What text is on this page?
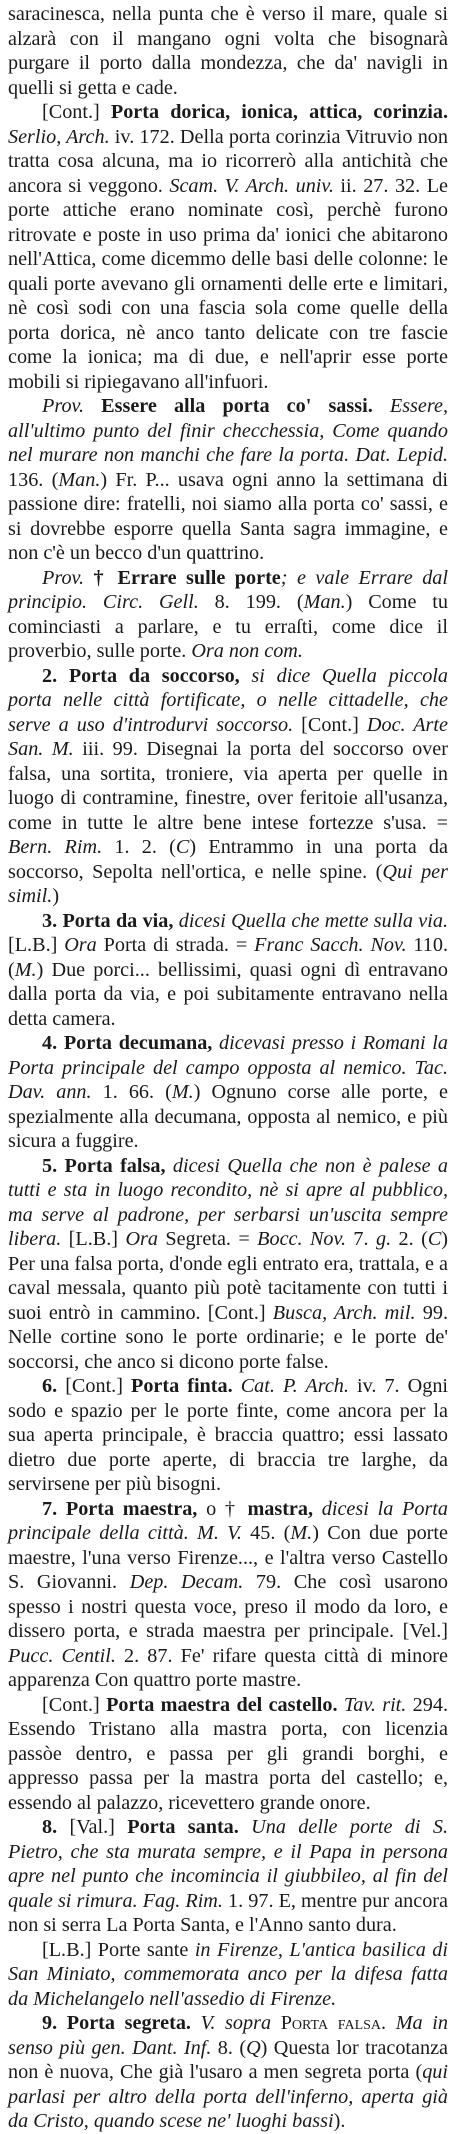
saracinesca, nella punta che è verso il mare, quale si alzarà con il mangano ogni volta che bisognarà purgare il porto dalla mondezza, che da' navigli in quelli si getta e cade.

[Cont.] Porta dorica, ionica, attica, corinzia. Serlio, Arch. iv. 172. Della porta corinzia Vitruvio non tratta cosa alcuna, ma io ricorrerò alla antichità che ancora si veggono. Scam. V. Arch. univ. ii. 27. 32. Le porte attiche erano nominate così, perchè furono ritrovate e poste in uso prima da' ionici che abitarono nell'Attica, come dicemmo delle basi delle colonne: le quali porte avevano gli ornamenti delle erte e limitari, nè così sodi con una fascia sola come quelle della porta dorica, nè anco tanto delicate con tre fascie come la ionica; ma di due, e nell'aprir esse porte mobili si ripiegavano all'infuori.

Prov. Essere alla porta co' sassi. Essere, all'ultimo punto del finir checchessia, Come quando nel murare non manchi che fare la porta. Dat. Lepid. 136. (Man.) Fr. P... usava ogni anno la settimana di passione dire: fratelli, noi siamo alla porta co' sassi, e si dovrebbe esporre quella Santa sagra immagine, e non c'è un becco d'un quattrino.

Prov. † Errare sulle porte; e vale Errare dal principio. Circ. Gell. 8. 199. (Man.) Come tu cominciasti a parlare, e tu erraſti, come dice il proverbio, sulle porte. Ora non com.

2. Porta da soccorso, si dice Quella piccola porta nelle città fortificate, o nelle cittadelle, che serve a uso d'introdurvi soccorso. [Cont.] Doc. Arte San. M. iii. 99. Disegnai la porta del soccorso over falsa, una sortita, troniere, via aperta per quelle in luogo di contramine, finestre, over feritoie all'usanza, come in tutte le altre bene intese fortezze s'usa. = Bern. Rim. 1. 2. (C) Entrammo in una porta da soccorso, Sepolta nell'ortica, e nelle spine. (Qui per simil.)

3. Porta da via, dicesi Quella che mette sulla via. [L.B.] Ora Porta di strada. = Franc Sacch. Nov. 110. (M.) Due porci... bellissimi, quasi ogni dì entravano dalla porta da via, e poi subitamente entravano nella detta camera.

4. Porta decumana, dicevasi presso i Romani la Porta principale del campo opposta al nemico. Tac. Dav. ann. 1. 66. (M.) Ognuno corse alle porte, e spezialmente alla decumana, opposta al nemico, e più sicura a fuggire.

5. Porta falsa, dicesi Quella che non è palese a tutti e sta in luogo recondito, nè si apre al pubblico, ma serve al padrone, per serbarsi un'uscita sempre libera. [L.B.] Ora Segreta. = Bocc. Nov. 7. g. 2. (C) Per una falsa porta, d'onde egli entrato era, trattala, e a caval messala, quanto più potè tacitamente con tutti i suoi entrò in cammino. [Cont.] Busca, Arch. mil. 99. Nelle cortine sono le porte ordinarie; e le porte de' soccorsi, che anco si dicono porte false.

6. [Cont.] Porta finta. Cat. P. Arch. iv. 7. Ogni sodo e spazio per le porte finte, come ancora per la sua aperta principale, è braccia quattro; essi lassato dietro due porte aperte, di braccia tre larghe, da servirsene per più bisogni.

7. Porta maestra, o † mastra, dicesi la Porta principale della città. M. V. 45. (M.) Con due porte maestre, l'una verso Firenze..., e l'altra verso Castello S. Giovanni. Dep. Decam. 79. Che così usarono spesso i nostri questa voce, preso il modo da loro, e dissero porta, e strada maestra per principale. [Vel.] Pucc. Centil. 2. 87. Fe' rifare questa città di minore apparenza Con quattro porte mastre.

[Cont.] Porta maestra del castello. Tav. rit. 294. Essendo Tristano alla mastra porta, con licenzia passòe dentro, e passa per gli grandi borghi, e appresso passa per la mastra porta del castello; e, essendo al palazzo, ricevettero grande onore.

8. [Val.] Porta santa. Una delle porte di S. Pietro, che sta murata sempre, e il Papa in persona apre nel punto che incomincia il giubbileo, al fin del quale si rimura. Fag. Rim. 1. 97. E, mentre pur ancora non si serra La Porta Santa, e l'Anno santo dura.

[L.B.] Porte sante in Firenze, L'antica basilica di San Miniato, commemorata anco per la difesa fatta da Michelangelo nell'assedio di Firenze.

9. Porta segreta. V. sopra Porta falsa. Ma in senso più gen. Dant. Inf. 8. (Q) Questa lor tracotanza non è nuova, Che già l'usaro a men segreta porta (qui parlasi per altro della porta dell'inferno, aperta già da Cristo, quando scese ne' luoghi bassi).
